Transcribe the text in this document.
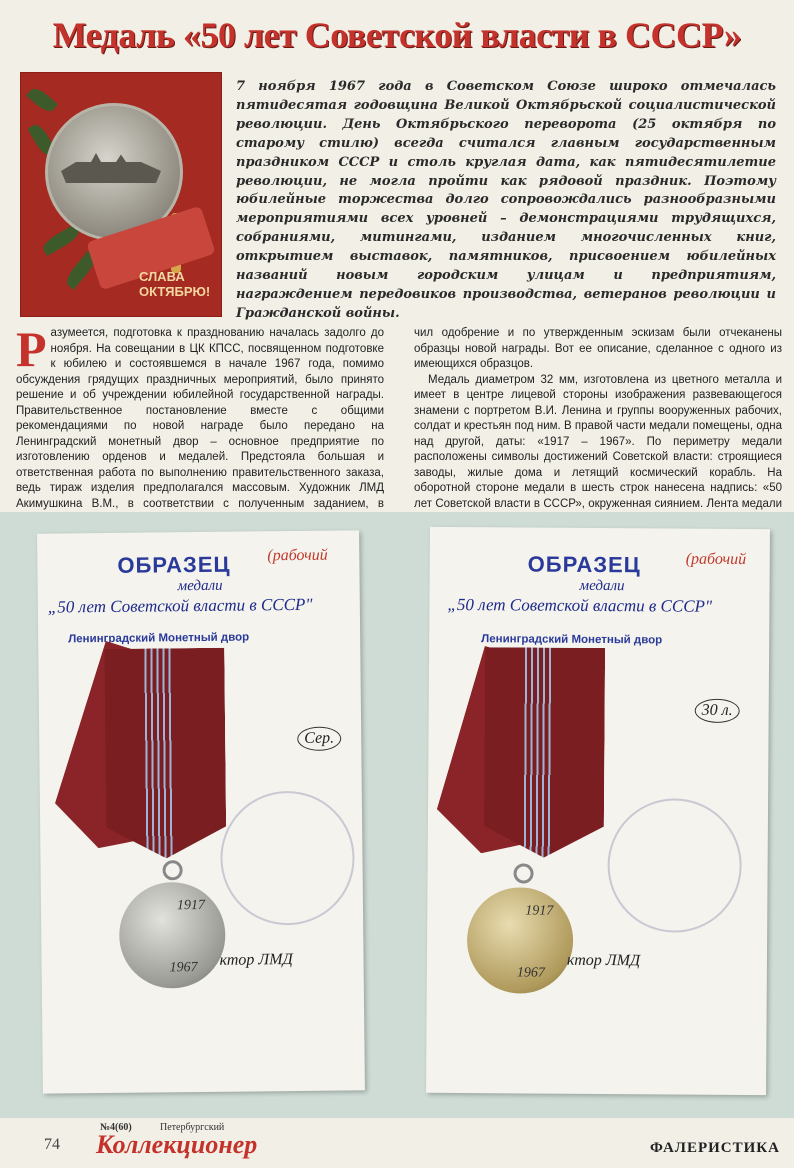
Медаль «50 лет Советской власти в СССР»
СЛАВА
ОКТЯБРЮ!

7 ноября 1967 года в Советском Союзе широко отмечалась пятидесятая годовщина Великой Октябрьской социалистической революции. День Октябрьского переворота (25 октября по старому стилю) всегда считался главным государственным праздником СССР и столь круглая дата, как пятидесятилетие революции, не могла пройти как рядовой праздник. Поэтому юбилейные торжества долго сопровождались разнообразными мероприятиями всех уровней – демонстрациями трудящихся, собраниями, митингами, изданием многочисленных книг, открытием выставок, памятников, присвоением юбилейных названий новым городским улицам и предприятиям, награждением передовиков производства, ветеранов революции и Гражданской войны.

Разумеется, подготовка к празднованию началась задолго до ноября. На совещании в ЦК КПСС, посвященном подготовке к юбилею и состоявшемся в начале 1967 года, помимо обсуждения грядущих праздничных мероприятий, было принято решение и об учреждении юбилейной государственной награды. Правительственное постановление вместе с общими рекомендациями по новой награде было передано на Ленинградский монетный двор – основное предприятие по изготовлению орденов и медалей. Предстояла большая и ответственная работа по выполнению правительственного заказа, ведь тираж изделия предполагался массовым. Художник ЛМД Акимушкина В.М., в соответствии с полученным заданием, в

чил одобрение и по утвержденным эскизам были отчеканены образцы новой награды. Вот ее описание, сделанное с одного из имеющихся образцов.

Медаль диаметром 32 мм, изготовлена из цветного металла и имеет в центре лицевой стороны изображения развевающегося знамени с портретом В.И. Ленина и группы вооруженных рабочих, солдат и крестьян под ним. В правой части медали помещены, одна над другой, даты: «1917 – 1967». По периметру медали расположены символы достижений Советской власти: строящиеся заводы, жилые дома и летящий космический корабль. На оборотной стороне медали в шесть строк нанесена надпись: «50 лет Советской власти в СССР», окруженная сиянием. Лента медали

ОБРАЗЕЦ (рабочий
медали
„50 лет Советской власти в СССР"
Ленинградский Монетный двор
Сер.
1917
1967 ктор ЛМД
ОБРАЗЕЦ	(рабочий
медали
„50 лет Советской власти в СССР"
Ленинградский Монетный двор
30 л.
1917
1967
ктор ЛМД
74
№4(60)	Петербургский
Коллекционер	ФАЛЕРИСТИКА
